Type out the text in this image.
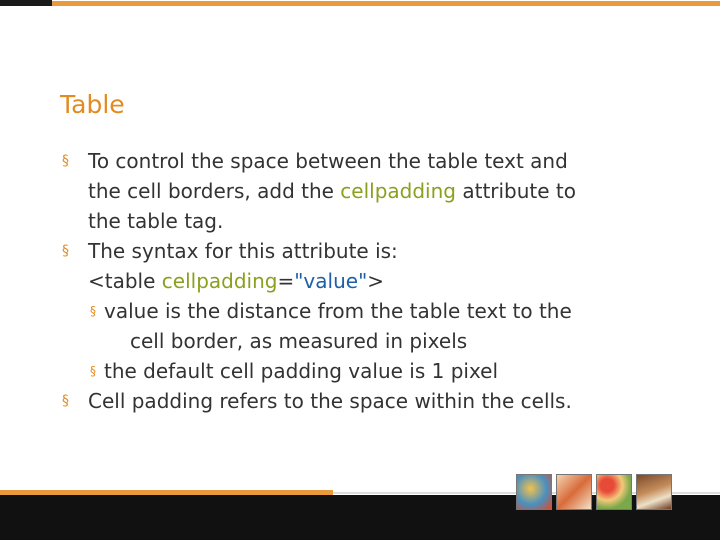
Table
§ To control the space between the table text and
the cell borders, add the cellpadding attribute to
the table tag.
§ The syntax for this attribute is:
<table cellpadding="value">
§ value is the distance from the table text to the
cell border, as measured in pixels
§ the default cell padding value is 1 pixel
§ Cell padding refers to the space within the cells.
